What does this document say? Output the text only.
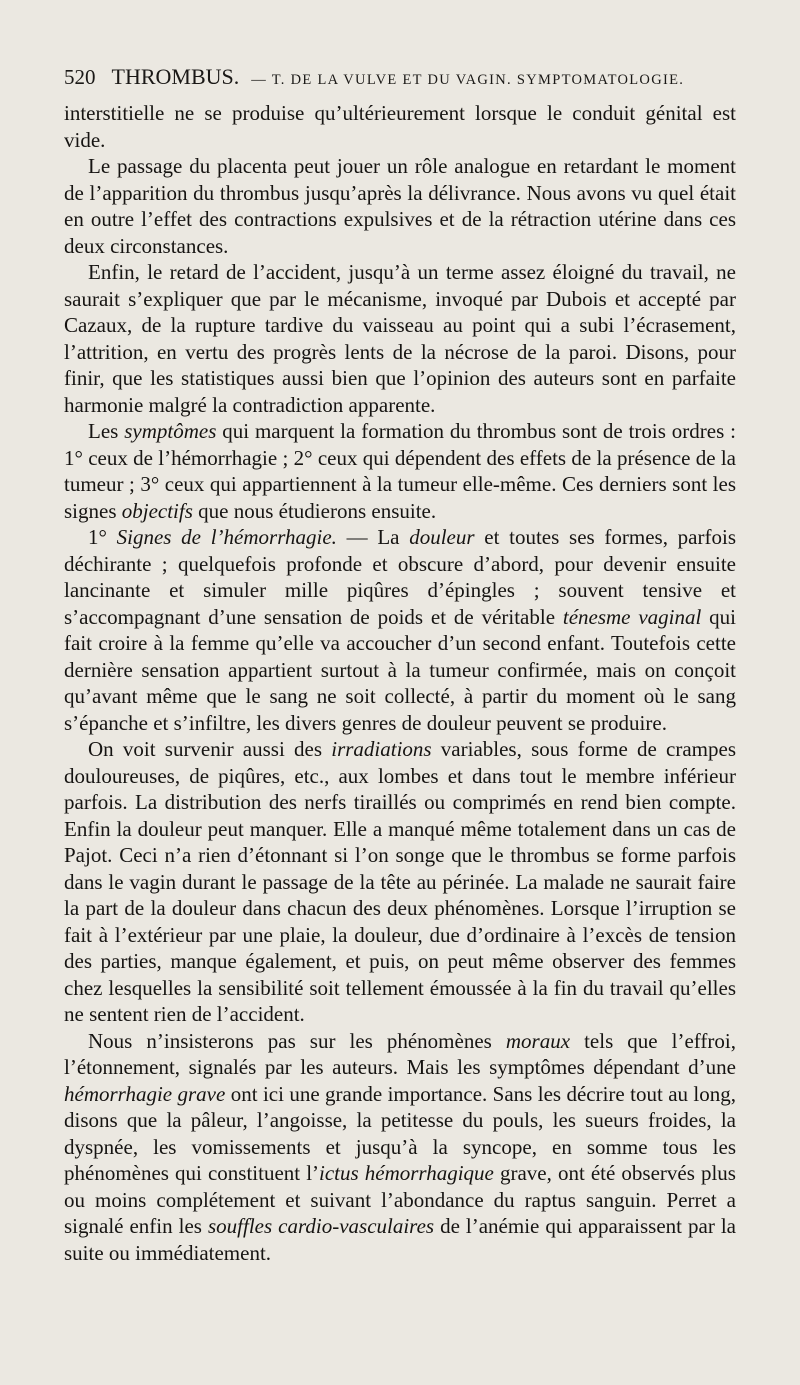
520 THROMBUS. — T. DE LA VULVE ET DU VAGIN. SYMPTOMATOLOGIE.

interstitielle ne se produise qu’ultérieurement lorsque le conduit génital est vide.

Le passage du placenta peut jouer un rôle analogue en retardant le moment de l’apparition du thrombus jusqu’après la délivrance. Nous avons vu quel était en outre l’effet des contractions expulsives et de la rétraction utérine dans ces deux circonstances.

Enfin, le retard de l’accident, jusqu’à un terme assez éloigné du travail, ne saurait s’expliquer que par le mécanisme, invoqué par Dubois et accepté par Cazaux, de la rupture tardive du vaisseau au point qui a subi l’écrasement, l’attrition, en vertu des progrès lents de la nécrose de la paroi. Disons, pour finir, que les statistiques aussi bien que l’opinion des auteurs sont en parfaite harmonie malgré la contradiction apparente.

Les symptômes qui marquent la formation du thrombus sont de trois ordres : 1° ceux de l’hémorrhagie ; 2° ceux qui dépendent des effets de la présence de la tumeur ; 3° ceux qui appartiennent à la tumeur elle-même. Ces derniers sont les signes objectifs que nous étudierons ensuite.

1° Signes de l’hémorrhagie. — La douleur et toutes ses formes, parfois déchirante ; quelquefois profonde et obscure d’abord, pour devenir ensuite lancinante et simuler mille piqûres d’épingles ; souvent tensive et s’accompagnant d’une sensation de poids et de véritable ténesme vaginal qui fait croire à la femme qu’elle va accoucher d’un second enfant. Toutefois cette dernière sensation appartient surtout à la tumeur confirmée, mais on conçoit qu’avant même que le sang ne soit collecté, à partir du moment où le sang s’épanche et s’infiltre, les divers genres de douleur peuvent se produire.

On voit survenir aussi des irradiations variables, sous forme de crampes douloureuses, de piqûres, etc., aux lombes et dans tout le membre inférieur parfois. La distribution des nerfs tiraillés ou comprimés en rend bien compte. Enfin la douleur peut manquer. Elle a manqué même totalement dans un cas de Pajot. Ceci n’a rien d’étonnant si l’on songe que le thrombus se forme parfois dans le vagin durant le passage de la tête au périnée. La malade ne saurait faire la part de la douleur dans chacun des deux phénomènes. Lorsque l’irruption se fait à l’extérieur par une plaie, la douleur, due d’ordinaire à l’excès de tension des parties, manque également, et puis, on peut même observer des femmes chez lesquelles la sensibilité soit tellement émoussée à la fin du travail qu’elles ne sentent rien de l’accident.

Nous n’insisterons pas sur les phénomènes moraux tels que l’effroi, l’étonnement, signalés par les auteurs. Mais les symptômes dépendant d’une hémorrhagie grave ont ici une grande importance. Sans les décrire tout au long, disons que la pâleur, l’angoisse, la petitesse du pouls, les sueurs froides, la dyspnée, les vomissements et jusqu’à la syncope, en somme tous les phénomènes qui constituent l’ictus hémorrhagique grave, ont été observés plus ou moins complétement et suivant l’abondance du raptus sanguin. Perret a signalé enfin les souffles cardio-vasculaires de l’anémie qui apparaissent par la suite ou immédiatement.
